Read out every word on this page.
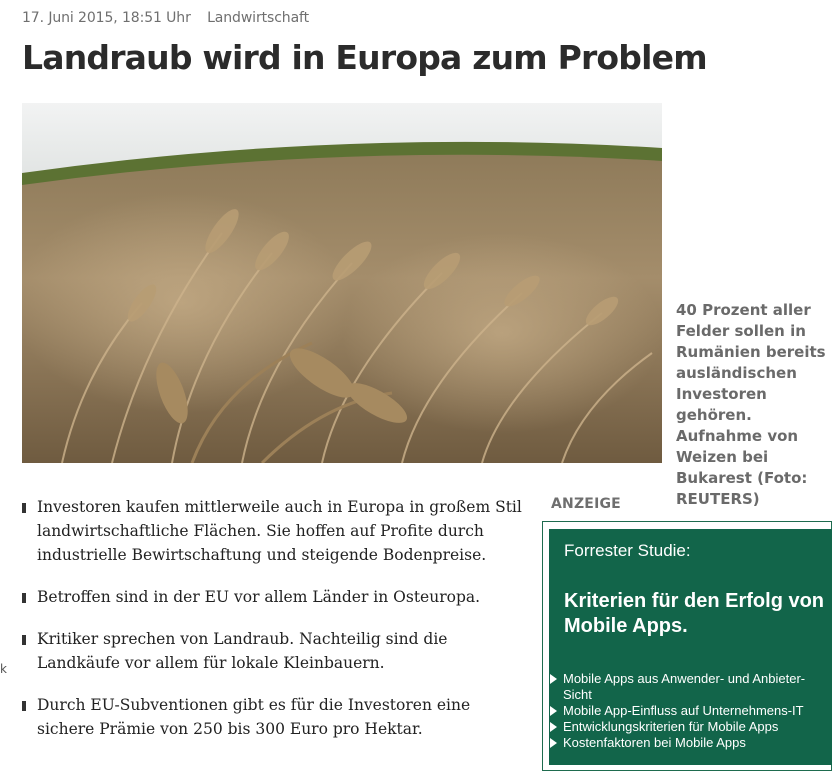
17. Juni 2015, 18:51 Uhr Landwirtschaft
Landraub wird in Europa zum Problem
40 Prozent aller Felder sollen in Rumänien bereits ausländischen Investoren gehören. Aufnahme von Weizen bei Bukarest (Foto: REUTERS)
Investoren kaufen mittlerweile auch in Europa in großem Stil landwirtschaftliche Flächen. Sie hoffen auf Profite durch industrielle Bewirtschaftung und steigende Bodenpreise.
Betroffen sind in der EU vor allem Länder in Osteuropa.
Kritiker sprechen von Landraub. Nachteilig sind die Landkäufe vor allem für lokale Kleinbauern.
Durch EU-Subventionen gibt es für die Investoren eine sichere Prämie von 250 bis 300 Euro pro Hektar.
k
ANZEIGE
Forrester Studie:
Kriterien für den Erfolg von Mobile Apps.
Mobile Apps aus Anwender- und Anbieter-Sicht
Mobile App-Einfluss auf Unternehmens-IT
Entwicklungskriterien für Mobile Apps
Kostenfaktoren bei Mobile Apps
